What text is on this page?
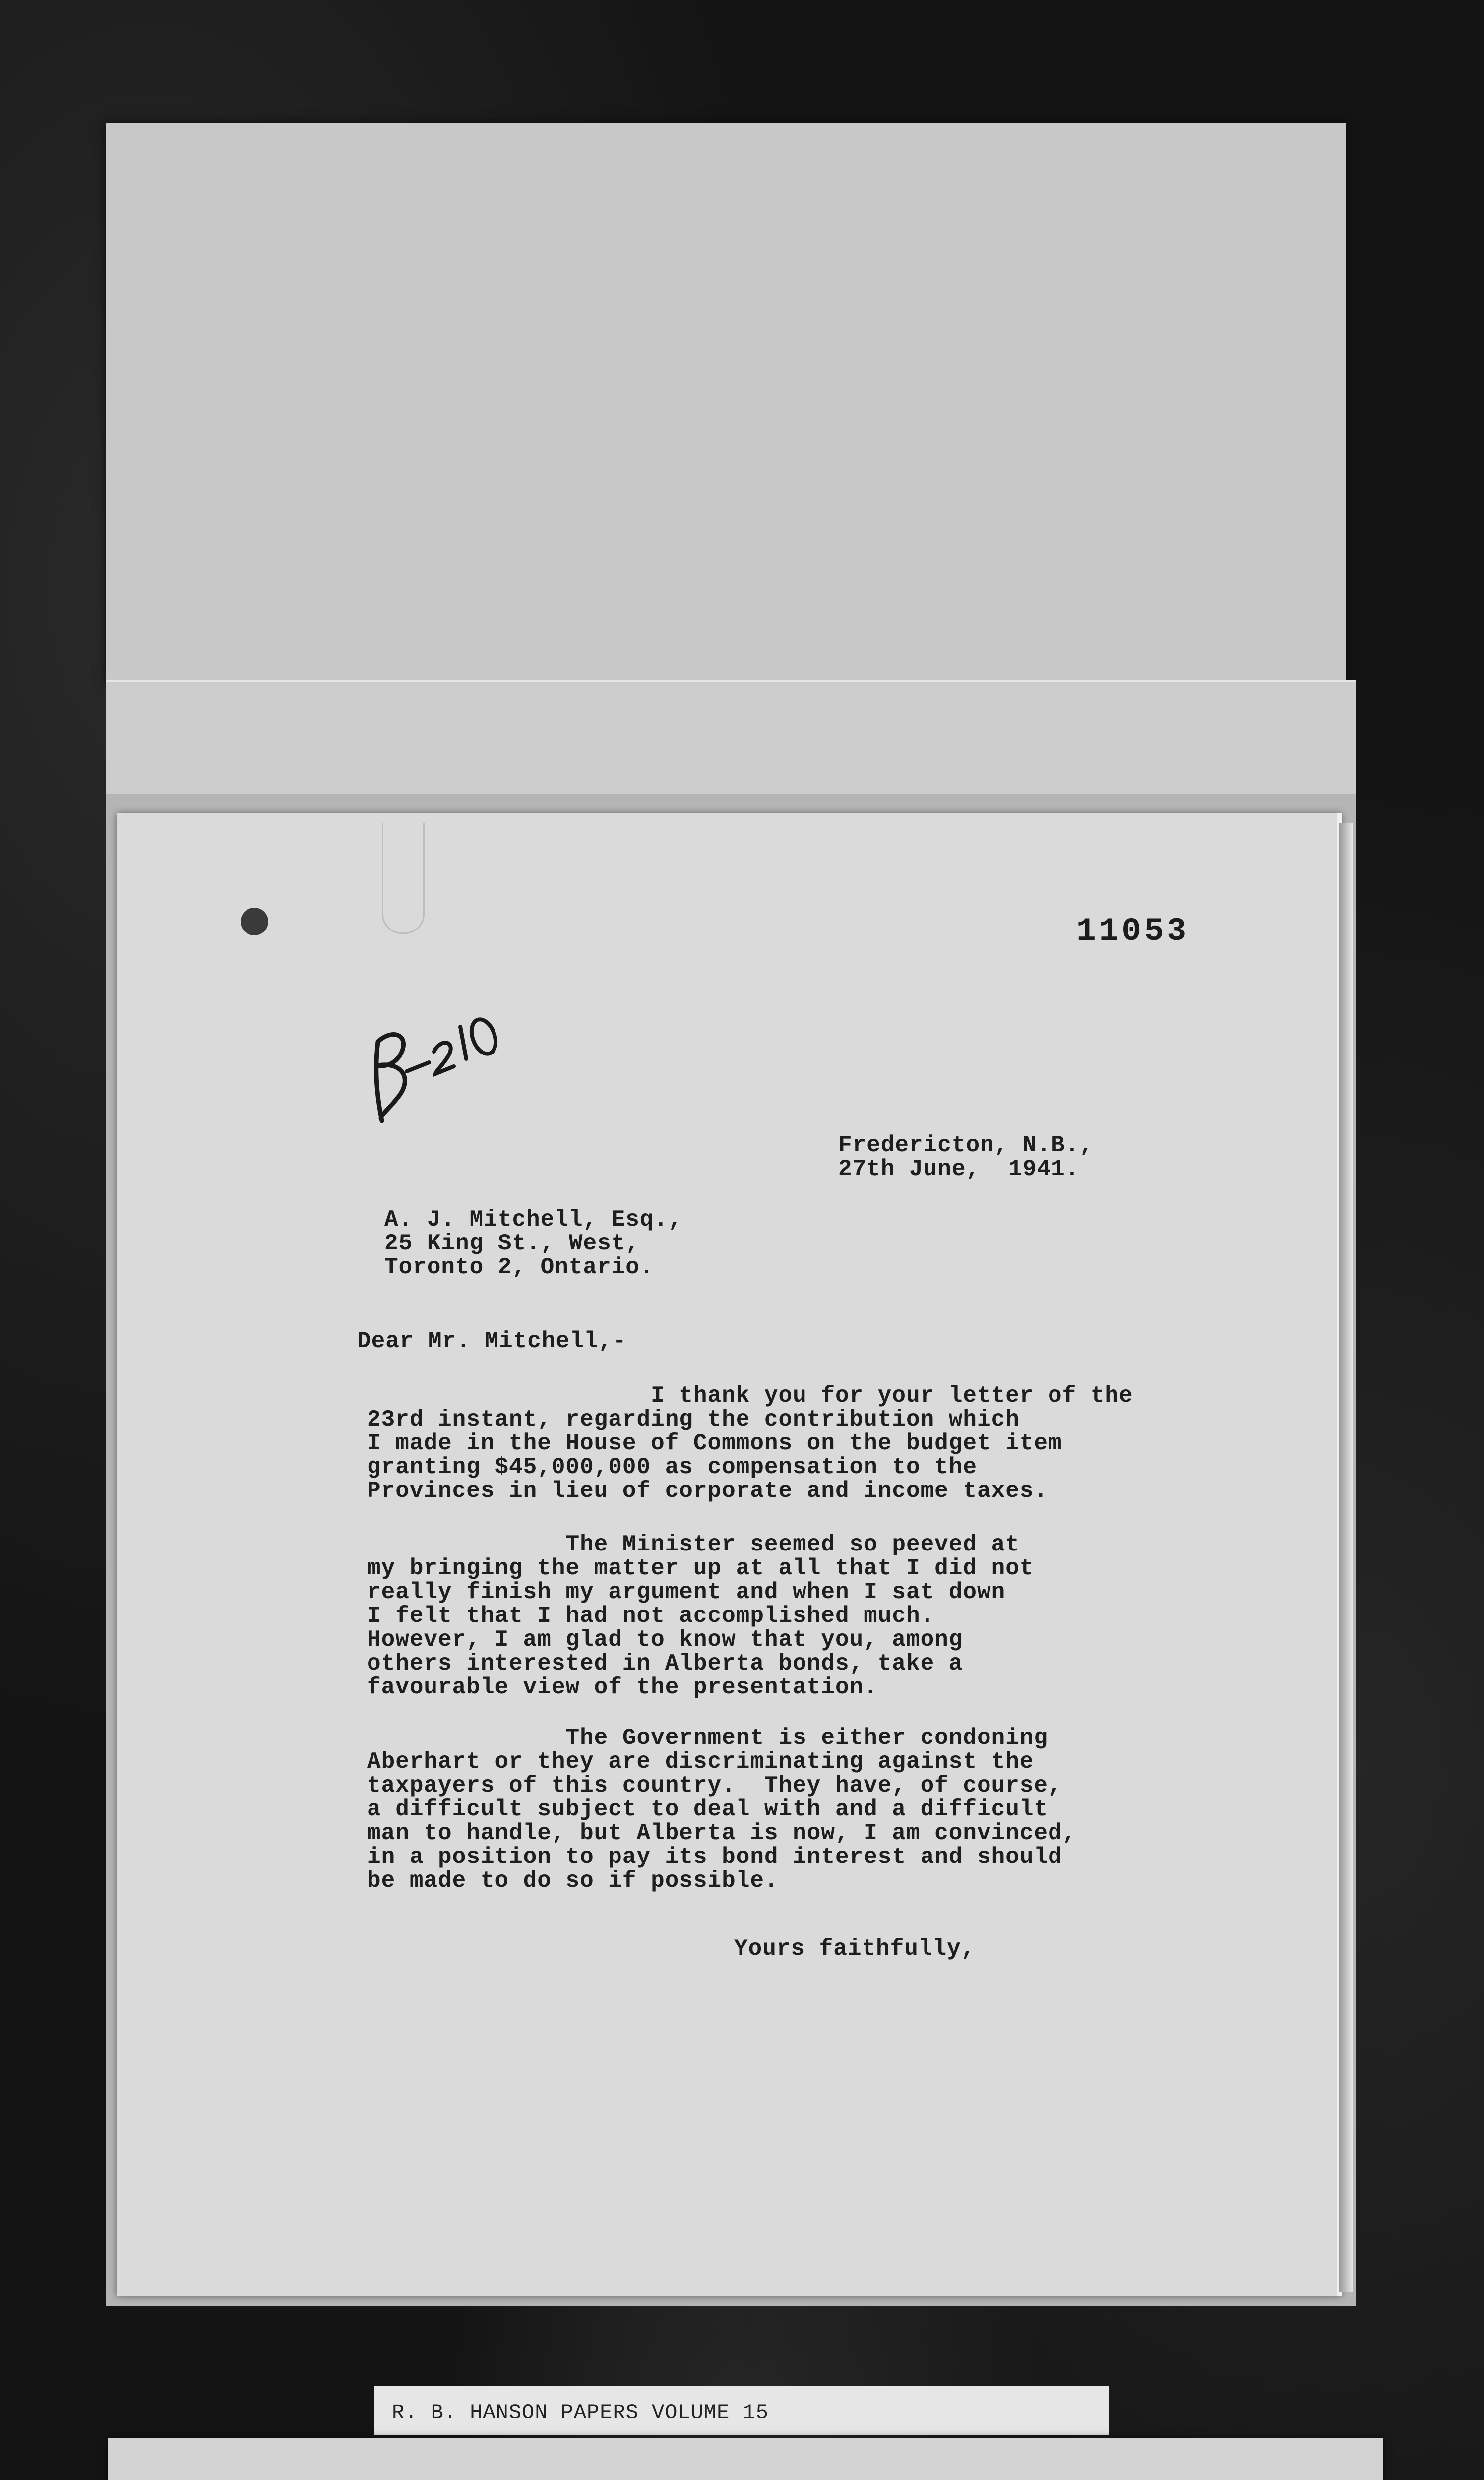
11053
Fredericton, N.B.,
27th June,  1941.
A. J. Mitchell, Esq.,
25 King St., West,
Toronto 2, Ontario.
Dear Mr. Mitchell,-
I thank you for your letter of the
23rd instant, regarding the contribution which
I made in the House of Commons on the budget item
granting $45,000,000 as compensation to the
Provinces in lieu of corporate and income taxes.
The Minister seemed so peeved at
my bringing the matter up at all that I did not
really finish my argument and when I sat down
I felt that I had not accomplished much.
However, I am glad to know that you, among
others interested in Alberta bonds, take a
favourable view of the presentation.
The Government is either condoning
Aberhart or they are discriminating against the
taxpayers of this country.  They have, of course,
a difficult subject to deal with and a difficult
man to handle, but Alberta is now, I am convinced,
in a position to pay its bond interest and should
be made to do so if possible.
Yours faithfully,
R. B. HANSON PAPERS VOLUME 15
